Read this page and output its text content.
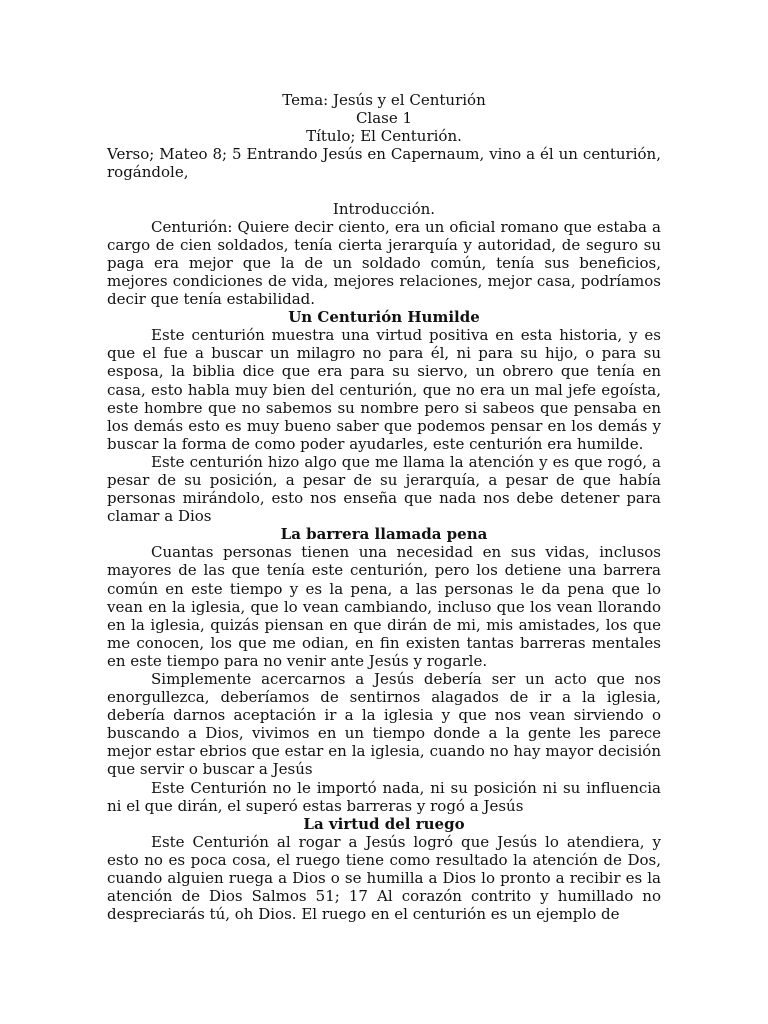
Tema: Jesús y el Centurión
Clase 1
Título; El Centurión.
Verso; Mateo 8; 5 Entrando Jesús en Capernaum, vino a él un centurión, rogándole,
Introducción.

Centurión: Quiere decir ciento, era un oficial romano que estaba a cargo de cien soldados, tenía cierta jerarquía y autoridad, de seguro su paga era mejor que la de un soldado común, tenía sus beneficios, mejores condiciones de vida, mejores relaciones, mejor casa, podríamos decir que tenía estabilidad.

Un Centurión Humilde

Este centurión muestra una virtud positiva en esta historia, y es que el fue a buscar un milagro no para él, ni para su hijo, o para su esposa, la biblia dice que era para su siervo, un obrero que tenía en casa, esto habla muy bien del centurión, que no era un mal jefe egoísta, este hombre que no sabemos su nombre pero si sabeos que pensaba en los demás esto es muy bueno saber que podemos pensar en los demás y buscar la forma de como poder ayudarles, este centurión era humilde.

Este centurión hizo algo que me llama la atención y es que rogó, a pesar de su posición, a pesar de su jerarquía, a pesar de que había personas mirándolo, esto nos enseña que nada nos debe detener para clamar a Dios

La barrera llamada pena

Cuantas personas tienen una necesidad en sus vidas, inclusos mayores de las que tenía este centurión, pero los detiene una barrera común en este tiempo y es la pena, a las personas le da pena que lo vean en la iglesia, que lo vean cambiando, incluso que los vean llorando en la iglesia, quizás piensan en que dirán de mi, mis amistades, los que me conocen, los que me odian, en fin existen tantas barreras mentales en este tiempo para no venir ante Jesús y rogarle.

Simplemente acercarnos a Jesús debería ser un acto que nos enorgullezca, deberíamos de sentirnos alagados de ir a la iglesia, debería darnos aceptación ir a la iglesia y que nos vean sirviendo o buscando a Dios, vivimos en un tiempo donde a la gente les parece mejor estar ebrios que estar en la iglesia, cuando no hay mayor decisión que servir o buscar a Jesús

Este Centurión no le importó nada, ni su posición ni su influencia ni el que dirán, el superó estas barreras y rogó a Jesús

La virtud del ruego

Este Centurión al rogar a Jesús logró que Jesús lo atendiera, y esto no es poca cosa, el ruego tiene como resultado la atención de Dos, cuando alguien ruega a Dios o se humilla a Dios lo pronto a recibir es la atención de Dios Salmos 51; 17 Al corazón contrito y humillado no despreciarás tú, oh Dios. El ruego en el centurión es un ejemplo de
